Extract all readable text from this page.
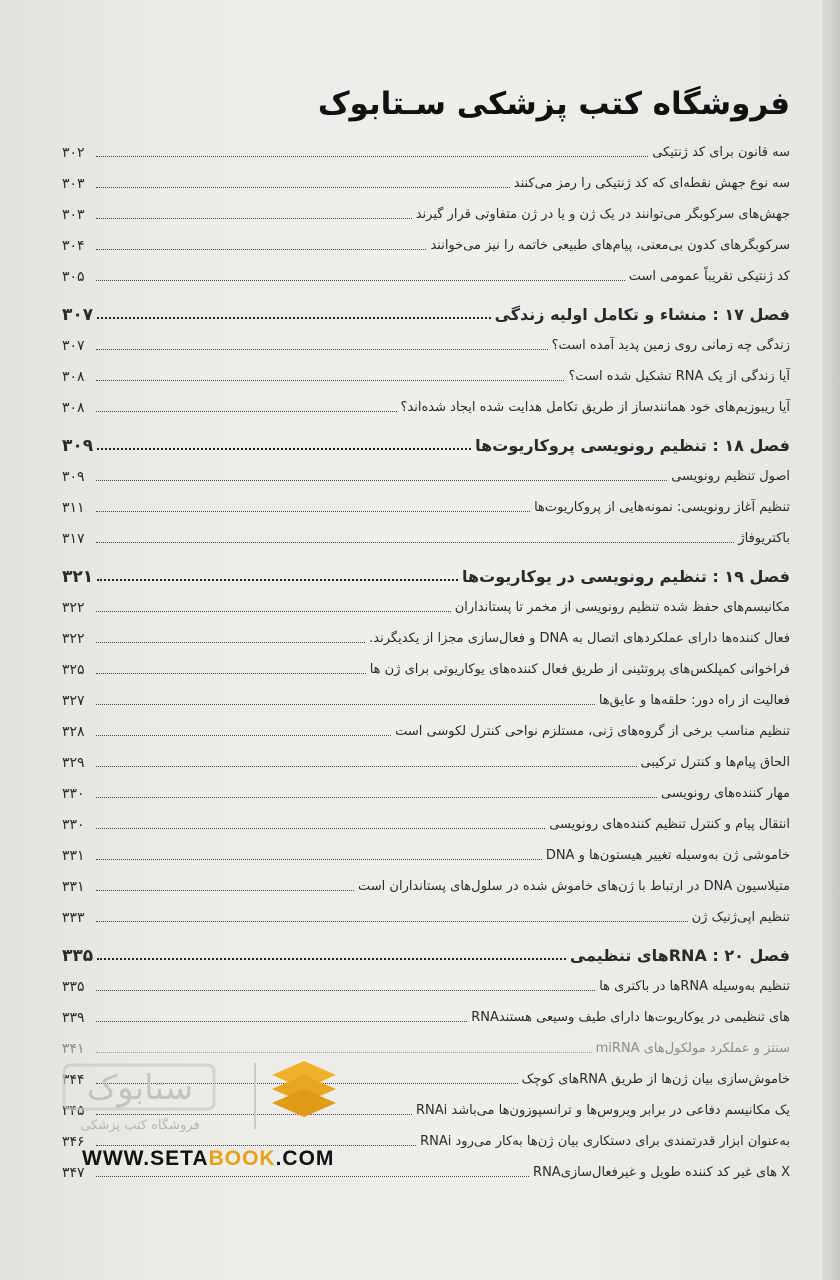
فروشگاه کتب پزشکی سـتابوک
سه قانون برای کد ژنتیکی
۳۰۲
سه نوع جهش نقطه‌ای که کد ژنتیکی را رمز می‌کنند
۳۰۳
جهش‌های سرکوبگر می‌توانند در یک ژن و یا در ژن متفاوتی قرار گیرند
۳۰۳
سرکوبگرهای کدون بی‌معنی، پیام‌های طبیعی خاتمه را نیز می‌خوانند
۳۰۴
کد ژنتیکی تقریباً عمومی است
۳۰۵
فصل ۱۷ : منشاء و تکامل اولیه زندگی
۳۰۷
زندگی چه زمانی روی زمین پدید آمده است؟
۳۰۷
آیا زندگی از یک RNA تشکیل شده است؟
۳۰۸
آیا ریبوزیم‌های خود همانندساز از طریق تکامل هدایت شده ایجاد شده‌اند؟
۳۰۸
فصل ۱۸ : تنظیم رونویسی پروکاریوت‌ها
۳۰۹
اصول تنظیم رونویسی
۳۰۹
تنظیم آغاز رونویسی: نمونه‌هایی از پروکاریوت‌ها
۳۱۱
باکتریوفاژ
۳۱۷
فصل ۱۹ : تنظیم رونویسی در یوکاریوت‌ها
۳۲۱
مکانیسم‌های حفظ شده تنظیم رونویسی از مخمر تا پستانداران
۳۲۲
فعال کننده‌ها دارای عملکردهای اتصال به DNA و فعال‌سازی مجزا از یکدیگرند.
۳۲۲
فراخوانی کمپلکس‌های پروتئینی از طریق فعال کننده‌های یوکاریوتی برای ژن ها
۳۲۵
فعالیت از راه دور: حلقه‌ها و عایق‌ها
۳۲۷
تنظیم مناسب برخی از گروه‌های ژنی، مستلزم نواحی کنترل لکوسی است
۳۲۸
الحاق پیام‌ها و کنترل ترکیبی
۳۲۹
مهار کننده‌های رونویسی
۳۳۰
انتقال پیام و کنترل تنظیم کننده‌های رونویسی
۳۳۰
خاموشی ژن به‌وسیله تغییر هیستون‌ها و DNA
۳۳۱
متیلاسیون DNA در ارتباط با ژن‌های خاموش شده در سلول‌های پستانداران است
۳۳۱
تنظیم اپی‌ژنیک ژن
۳۳۳
فصل ۲۰ : RNAهای تنظیمی
۳۳۵
تنظیم به‌وسیله RNAها در باکتری ها
۳۳۵
RNAهای تنظیمی در یوکاریوت‌ها دارای طیف وسیعی هستند
۳۳۹
سنتز و عملکرد مولکول‌های miRNA
۳۴۱
خاموش‌سازی بیان ژن‌ها از طریق RNAهای کوچک
۳۴۴
RNAi یک مکانیسم دفاعی در برابر ویروس‌ها و ترانسپوزون‌ها می‌باشد
۳۴۵
RNAi به‌عنوان ابزار قدرتمندی برای دستکاری بیان ژن‌ها به‌کار می‌رود
۳۴۶
RNAهای غیر کد کننده طویل و غیرفعال‌سازی X
۳۴۷
ستابوک
فروشگاه کتب پزشکی
WWW.SETABOOK.COM
